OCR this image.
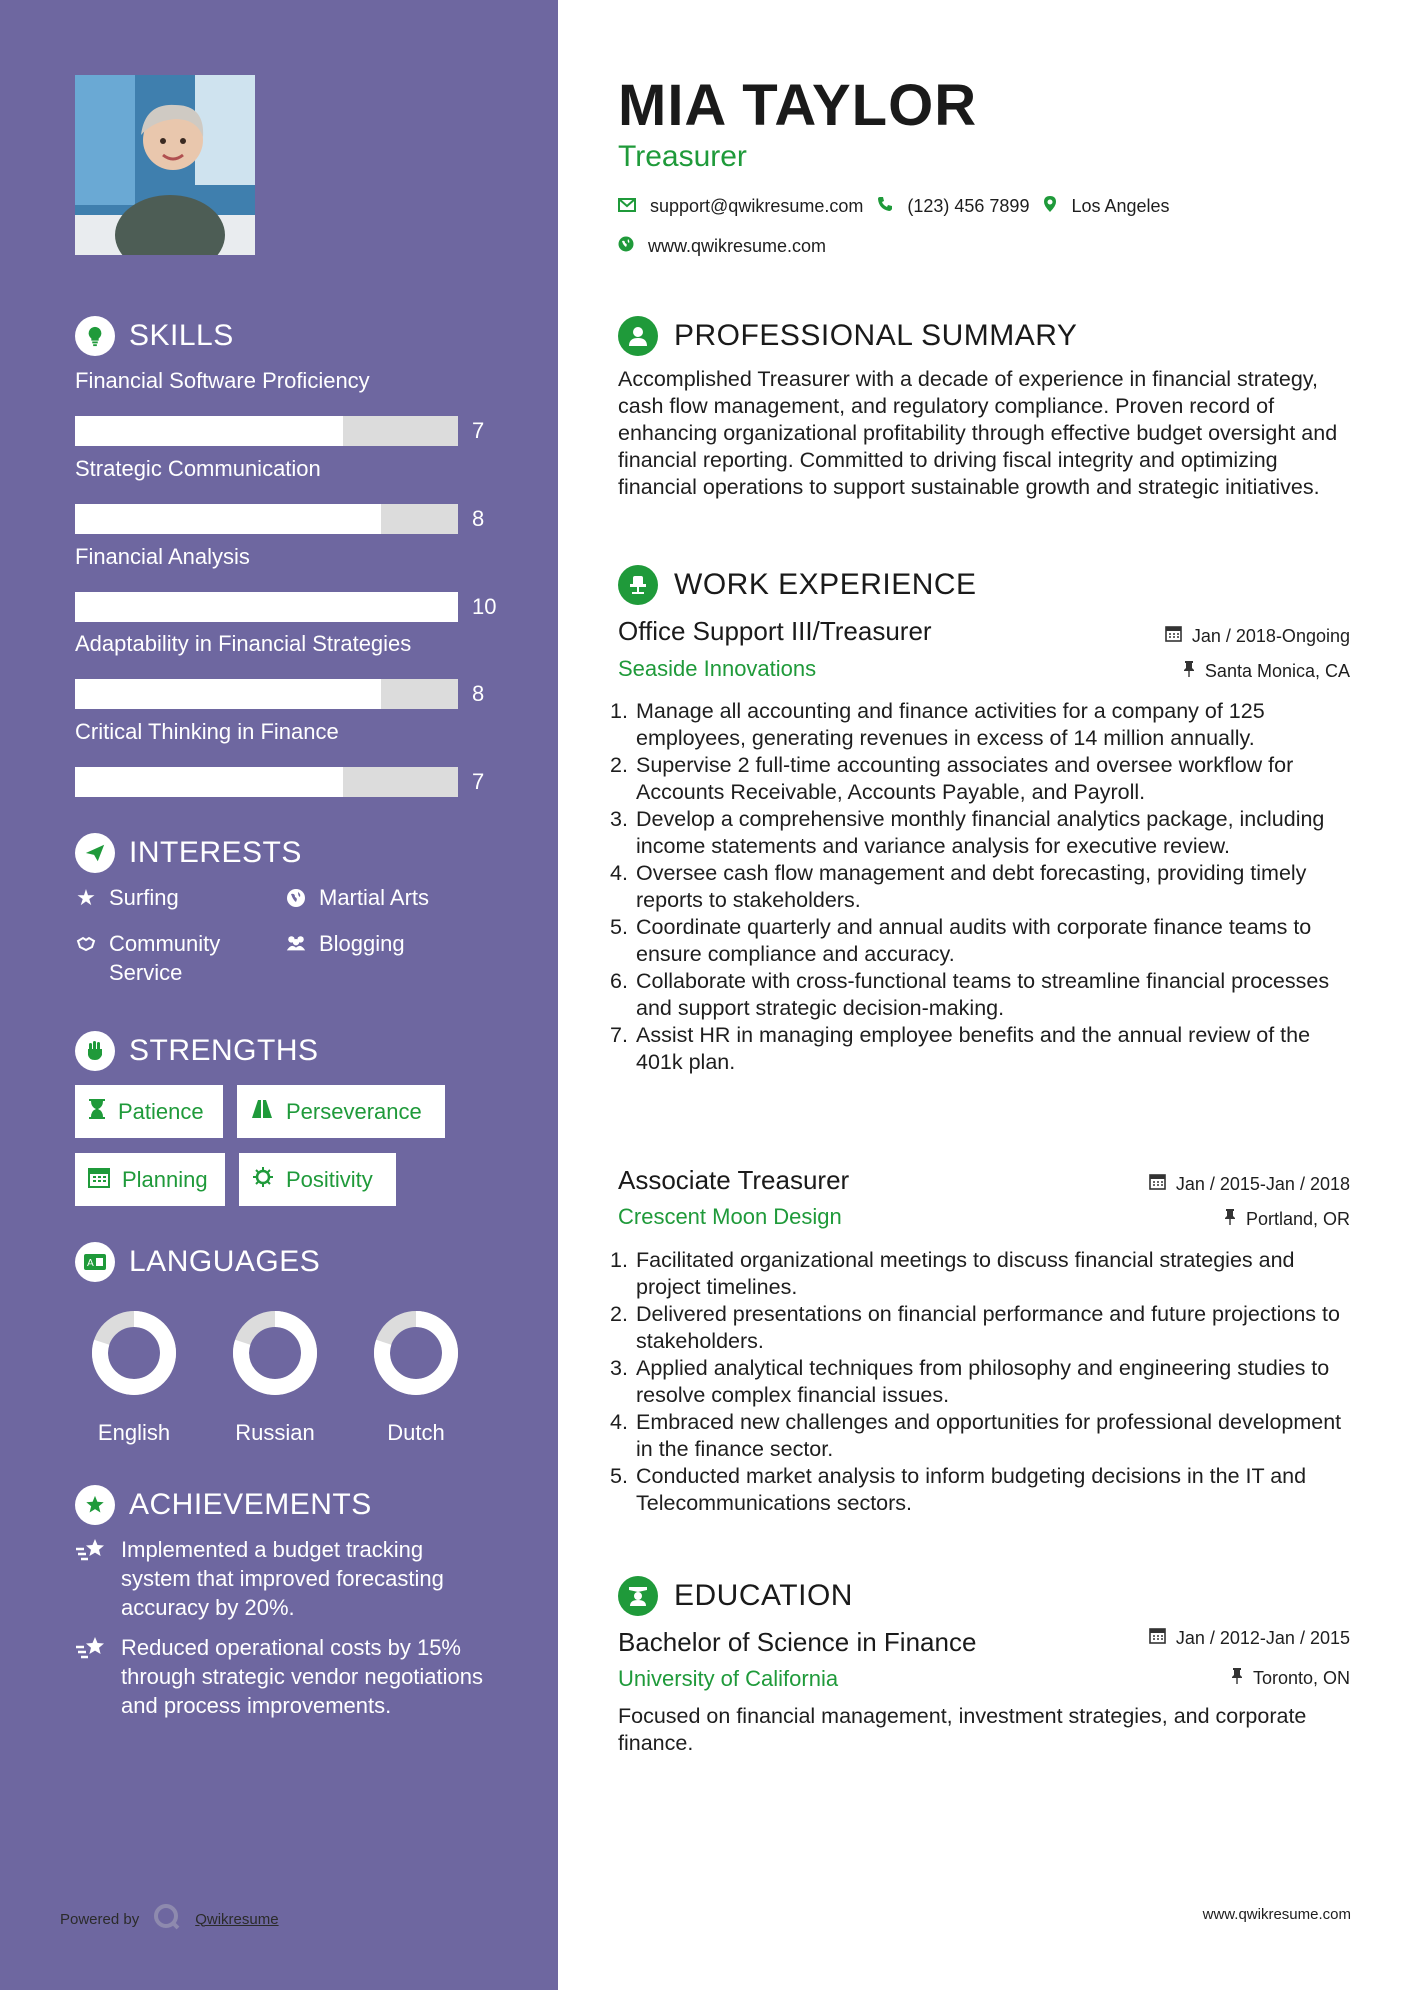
SKILLS
Financial Software Proficiency
7
Strategic Communication
8
Financial Analysis
10
Adaptability in Financial Strategies
8
Critical Thinking in Finance
7
INTERESTS
★ Surfing	Martial Arts
Community Service
Blogging
STRENGTHS
Patience	Perseverance
Planning	Positivity
A LANGUAGES
English	Russian	Dutch
ACHIEVEMENTS
Implemented a budget tracking system that improved forecasting accuracy by 20%.
Reduced operational costs by 15% through strategic vendor negotiations and process improvements.
Powered by	Qwikresume
MIA TAYLOR
Treasurer
support@qwikresume.com (123) 456 7899 Los Angeles
www.qwikresume.com
PROFESSIONAL SUMMARY
Accomplished Treasurer with a decade of experience in financial strategy, cash flow management, and regulatory compliance. Proven record of enhancing organizational profitability through effective budget oversight and financial reporting. Committed to driving fiscal integrity and optimizing financial operations to support sustainable growth and strategic initiatives.
WORK EXPERIENCE
Office Support III/Treasurer	Jan / 2018-Ongoing
Seaside Innovations	Santa Monica, CA
Manage all accounting and finance activities for a company of 125 employees, generating revenues in excess of 14 million annually.
Supervise 2 full-time accounting associates and oversee workflow for Accounts Receivable, Accounts Payable, and Payroll.
Develop a comprehensive monthly financial analytics package, including income statements and variance analysis for executive review.
Oversee cash flow management and debt forecasting, providing timely reports to stakeholders.
Coordinate quarterly and annual audits with corporate finance teams to ensure compliance and accuracy.
Collaborate with cross-functional teams to streamline financial processes and support strategic decision-making.
Assist HR in managing employee benefits and the annual review of the 401k plan.
Associate Treasurer	Jan / 2015-Jan / 2018
Crescent Moon Design	Portland, OR
Facilitated organizational meetings to discuss financial strategies and project timelines.
Delivered presentations on financial performance and future projections to stakeholders.
Applied analytical techniques from philosophy and engineering studies to resolve complex financial issues.
Embraced new challenges and opportunities for professional development in the finance sector.
Conducted market analysis to inform budgeting decisions in the IT and Telecommunications sectors.
EDUCATION
Bachelor of Science in Finance	Jan / 2012-Jan / 2015
University of California	Toronto, ON
Focused on financial management, investment strategies, and corporate finance.
www.qwikresume.com
